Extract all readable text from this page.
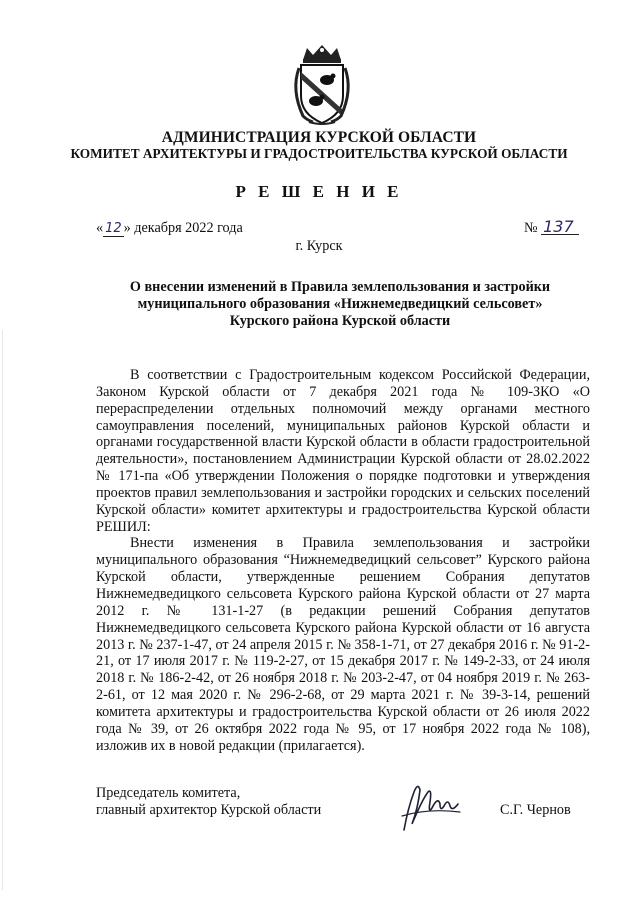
АДМИНИСТРАЦИЯ КУРСКОЙ ОБЛАСТИ
КОМИТЕТ АРХИТЕКТУРЫ И ГРАДОСТРОИТЕЛЬСТВА КУРСКОЙ ОБЛАСТИ
Р Е Ш Е Н И Е
« 12 » декабря 2022 года	№ 137
г. Курск
О внесении изменений в Правила землепользования и застройки
муниципального образования «Нижнемедведицкий сельсовет»
Курского района Курской области

В соответствии с Градостроительным кодексом Российской Федерации, Законом Курской области от 7 декабря 2021 года № 109-ЗКО «О перераспределении отдельных полномочий между органами местного самоуправления поселений, муниципальных районов Курской области и органами государственной власти Курской области в области градостроительной деятельности», постановлением Администрации Курской области от 28.02.2022 № 171-па «Об утверждении Положения о порядке подготовки и утверждения проектов правил землепользования и застройки городских и сельских поселений Курской области» комитет архитектуры и градостроительства Курской области РЕШИЛ:

Внести изменения в Правила землепользования и застройки муниципального образования “Нижнемедведицкий сельсовет” Курского района Курской области, утвержденные решением Собрания депутатов Нижнемедведицкого сельсовета Курского района Курской области от 27 марта 2012 г. № 131-1-27 (в редакции решений Собрания депутатов Нижнемедведицкого сельсовета Курского района Курской области от 16 августа 2013 г. № 237-1-47, от 24 апреля 2015 г. № 358-1-71, от 27 декабря 2016 г. № 91-2-21, от 17 июля 2017 г. № 119-2-27, от 15 декабря 2017 г. № 149-2-33, от 24 июля 2018 г. № 186-2-42, от 26 ноября 2018 г. № 203-2-47, от 04 ноября 2019 г. № 263-2-61, от 12 мая 2020 г. № 296-2-68, от 29 марта 2021 г. № 39-3-14, решений комитета архитектуры и градостроительства Курской области от 26 июля 2022 года № 39, от 26 октября 2022 года № 95, от 17 ноября 2022 года № 108), изложив их в новой редакции (прилагается).

Председатель комитета,
главный архитектор Курской области	С.Г. Чернов
